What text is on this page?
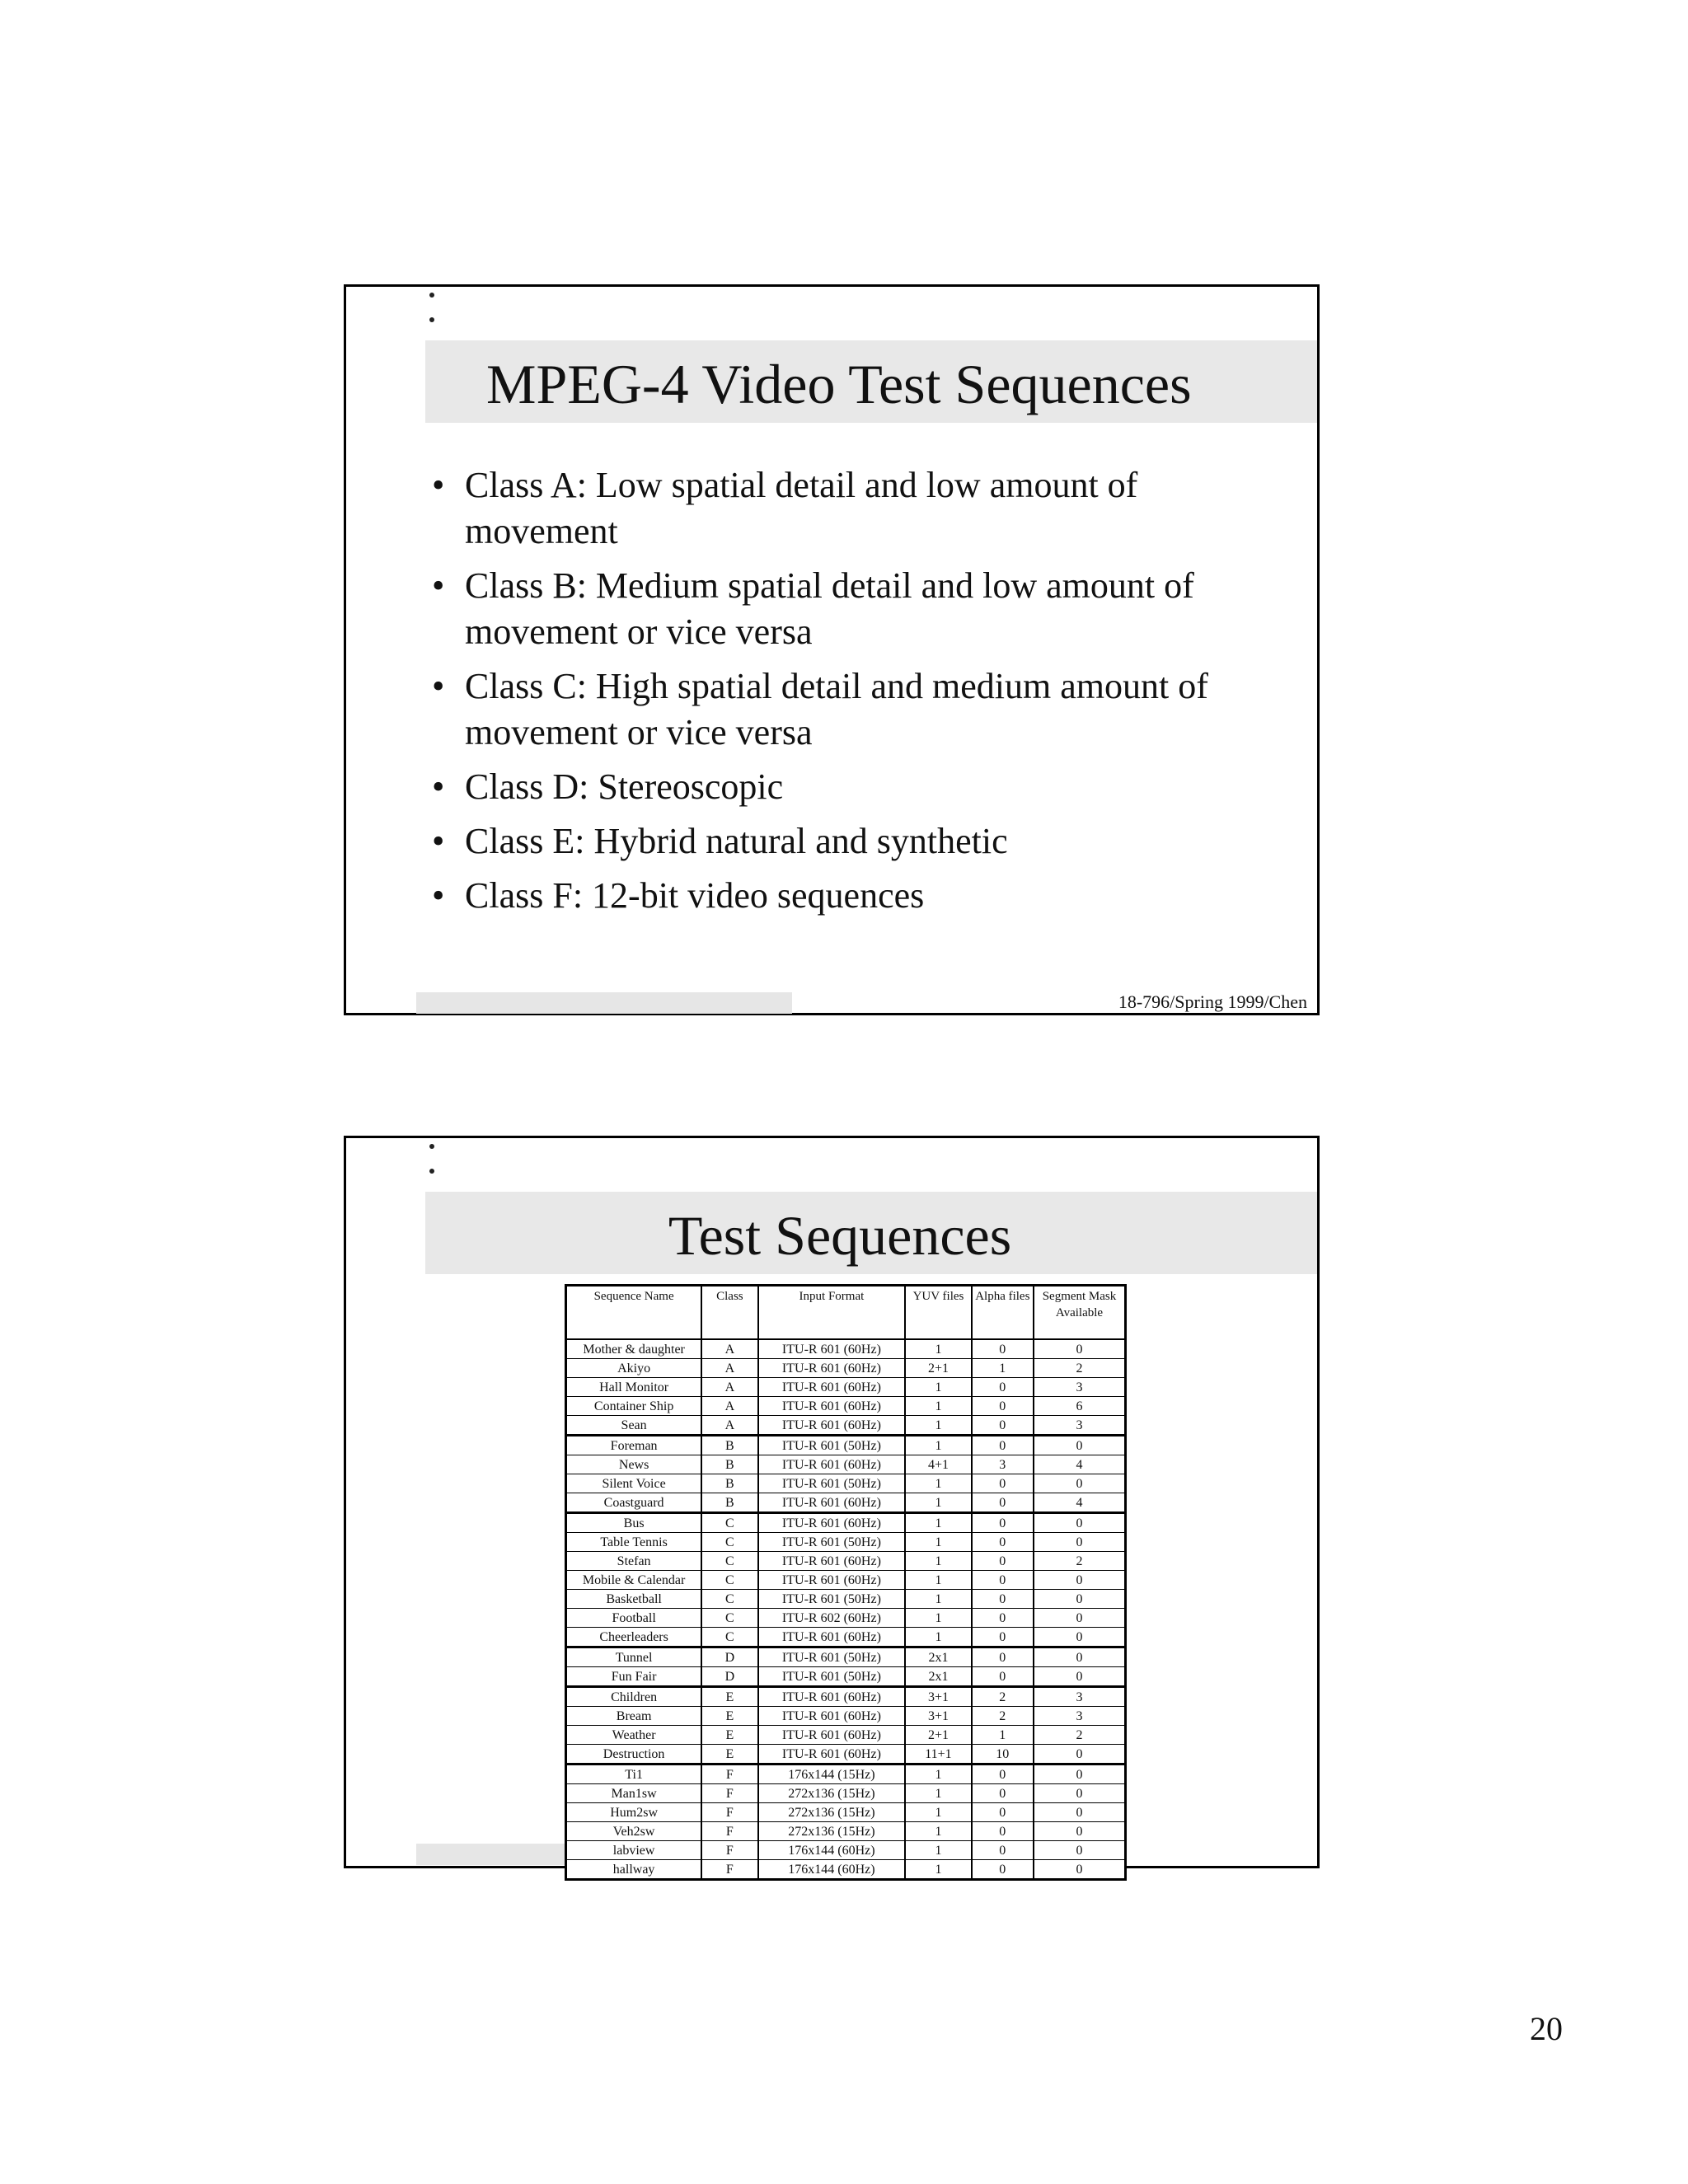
MPEG-4 Video Test Sequences
• Class A: Low spatial detail and low amount of movement
• Class B: Medium spatial detail and low amount of movement or vice versa
• Class C: High spatial detail and medium amount of movement or vice versa
• Class D: Stereoscopic
• Class E: Hybrid natural and synthetic
• Class F: 12-bit video sequences
18-796/Spring 1999/Chen
Test Sequences
Sequence Name	Class	Input Format	YUV files	Alpha files	Segment Mask Available
Mother & daughter	A	ITU-R 601 (60Hz)	1	0	0
Akiyo	A	ITU-R 601 (60Hz)	2+1	1	2
Hall Monitor	A	ITU-R 601 (60Hz)	1	0	3
Container Ship	A	ITU-R 601 (60Hz)	1	0	6
Sean	A	ITU-R 601 (60Hz)	1	0	3
Foreman	B	ITU-R 601 (50Hz)	1	0	0
News	B	ITU-R 601 (60Hz)	4+1	3	4
Silent Voice	B	ITU-R 601 (50Hz)	1	0	0
Coastguard	B	ITU-R 601 (60Hz)	1	0	4
Bus	C	ITU-R 601 (60Hz)	1	0	0
Table Tennis	C	ITU-R 601 (50Hz)	1	0	0
Stefan	C	ITU-R 601 (60Hz)	1	0	2
Mobile & Calendar	C	ITU-R 601 (60Hz)	1	0	0
Basketball	C	ITU-R 601 (50Hz)	1	0	0
Football	C	ITU-R 602 (60Hz)	1	0	0
Cheerleaders	C	ITU-R 601 (60Hz)	1	0	0
Tunnel	D	ITU-R 601 (50Hz)	2x1	0	0
Fun Fair	D	ITU-R 601 (50Hz)	2x1	0	0
Children	E	ITU-R 601 (60Hz)	3+1	2	3
Bream	E	ITU-R 601 (60Hz)	3+1	2	3
Weather	E	ITU-R 601 (60Hz)	2+1	1	2
Destruction	E	ITU-R 601 (60Hz)	11+1	10	0
Ti1	F	176x144 (15Hz)	1	0	0
Man1sw	F	272x136 (15Hz)	1	0	0
Hum2sw	F	272x136 (15Hz)	1	0	0
Veh2sw	F	272x136 (15Hz)	1	0	0
labview	F	176x144 (60Hz)	1	0	0
hallway	F	176x144 (60Hz)	1	0	0
20
